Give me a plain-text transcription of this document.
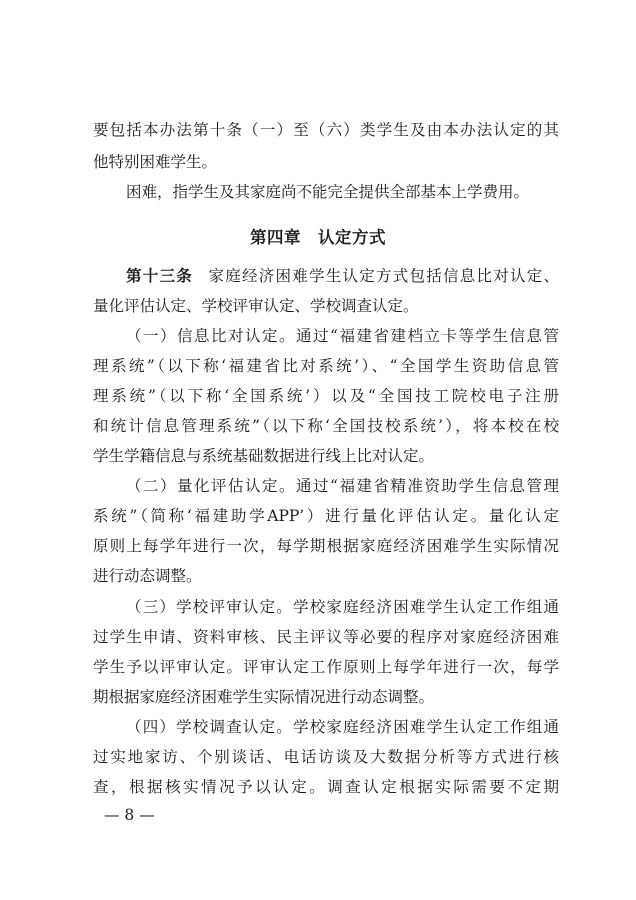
要包括本办法第十条（一）至（六）类学生及由本办法认定的其
他特别困难学生。
困难，指学生及其家庭尚不能完全提供全部基本上学费用。
第四章　认定方式
第十三条 家庭经济困难学生认定方式包括信息比对认定、
量化评估认定、学校评审认定、学校调查认定。
（一）信息比对认定。通过“福建省建档立卡等学生信息管
理系统”（以下称‘福建省比对系统’）、“全国学生资助信息管
理系统”（以下称‘全国系统’）以及“全国技工院校电子注册
和统计信息管理系统”（以下称‘全国技校系统’），将本校在校
学生学籍信息与系统基础数据进行线上比对认定。
（二）量化评估认定。通过“福建省精准资助学生信息管理
系统”（简称‘福建助学APP’）进行量化评估认定。量化认定
原则上每学年进行一次，每学期根据家庭经济困难学生实际情况
进行动态调整。
（三）学校评审认定。学校家庭经济困难学生认定工作组通
过学生申请、资料审核、民主评议等必要的程序对家庭经济困难
学生予以评审认定。评审认定工作原则上每学年进行一次，每学
期根据家庭经济困难学生实际情况进行动态调整。
（四）学校调查认定。学校家庭经济困难学生认定工作组通
过实地家访、个别谈话、电话访谈及大数据分析等方式进行核
查，根据核实情况予以认定。调查认定根据实际需要不定期
— 8 —
